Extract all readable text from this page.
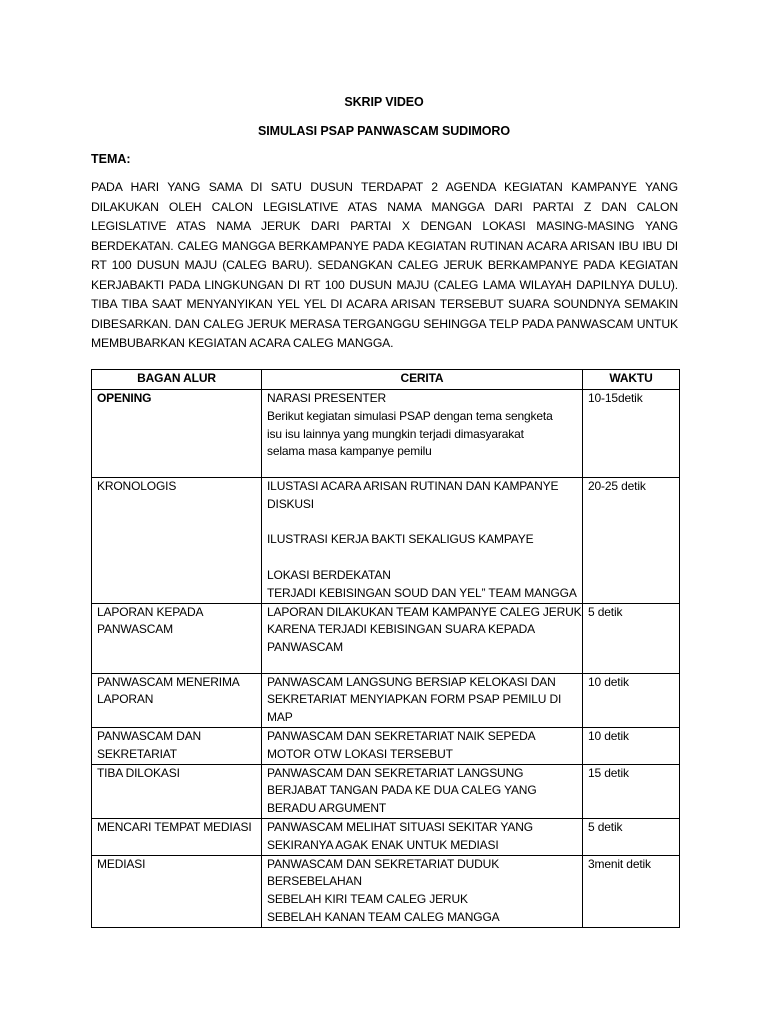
SKRIP VIDEO
SIMULASI PSAP PANWASCAM SUDIMORO
TEMA:
PADA HARI YANG SAMA DI SATU DUSUN TERDAPAT 2 AGENDA KEGIATAN KAMPANYE YANG DILAKUKAN OLEH CALON LEGISLATIVE ATAS NAMA MANGGA DARI PARTAI Z DAN CALON LEGISLATIVE ATAS NAMA JERUK DARI PARTAI X DENGAN LOKASI MASING-MASING YANG BERDEKATAN. CALEG MANGGA BERKAMPANYE PADA KEGIATAN RUTINAN ACARA ARISAN IBU IBU DI RT 100 DUSUN MAJU (CALEG BARU). SEDANGKAN CALEG JERUK BERKAMPANYE PADA KEGIATAN KERJABAKTI PADA LINGKUNGAN DI RT 100 DUSUN MAJU (CALEG LAMA WILAYAH DAPILNYA DULU). TIBA TIBA SAAT MENYANYIKAN YEL YEL DI ACARA ARISAN TERSEBUT SUARA SOUNDNYA SEMAKIN DIBESARKAN. DAN CALEG JERUK MERASA TERGANGGU SEHINGGA TELP PADA PANWASCAM UNTUK MEMBUBARKAN KEGIATAN ACARA CALEG MANGGA.
BAGAN ALUR	CERITA	WAKTU

OPENING	NARASI PRESENTER
Berikut kegiatan simulasi PSAP dengan tema sengketa
isu isu lainnya yang mungkin terjadi dimasyarakat
selama masa kampanye pemilu	10-15detik

KRONOLOGIS	ILUSTASI ACARA ARISAN RUTINAN DAN KAMPANYE
DISKUSI
ILUSTRASI KERJA BAKTI SEKALIGUS KAMPAYE
LOKASI BERDEKATAN
TERJADI KEBISINGAN SOUD DAN YEL” TEAM MANGGA	20-25 detik

LAPORAN KEPADA
PANWASCAM	LAPORAN DILAKUKAN TEAM KAMPANYE CALEG JERUK
KARENA TERJADI KEBISINGAN SUARA KEPADA
PANWASCAM	5 detik

PANWASCAM MENERIMA
LAPORAN	PANWASCAM LANGSUNG BERSIAP KELOKASI DAN
SEKRETARIAT MENYIAPKAN FORM PSAP PEMILU DI
MAP	10 detik

PANWASCAM DAN
SEKRETARIAT	PANWASCAM DAN SEKRETARIAT NAIK SEPEDA
MOTOR OTW LOKASI TERSEBUT	10 detik

TIBA DILOKASI	PANWASCAM DAN SEKRETARIAT LANGSUNG
BERJABAT TANGAN PADA KE DUA CALEG YANG
BERADU ARGUMENT	15 detik

MENCARI TEMPAT MEDIASI	PANWASCAM MELIHAT SITUASI SEKITAR YANG
SEKIRANYA AGAK ENAK UNTUK MEDIASI	5 detik

MEDIASI	PANWASCAM DAN SEKRETARIAT DUDUK
BERSEBELAHAN
SEBELAH KIRI TEAM CALEG JERUK
SEBELAH KANAN TEAM CALEG MANGGA	3menit detik
